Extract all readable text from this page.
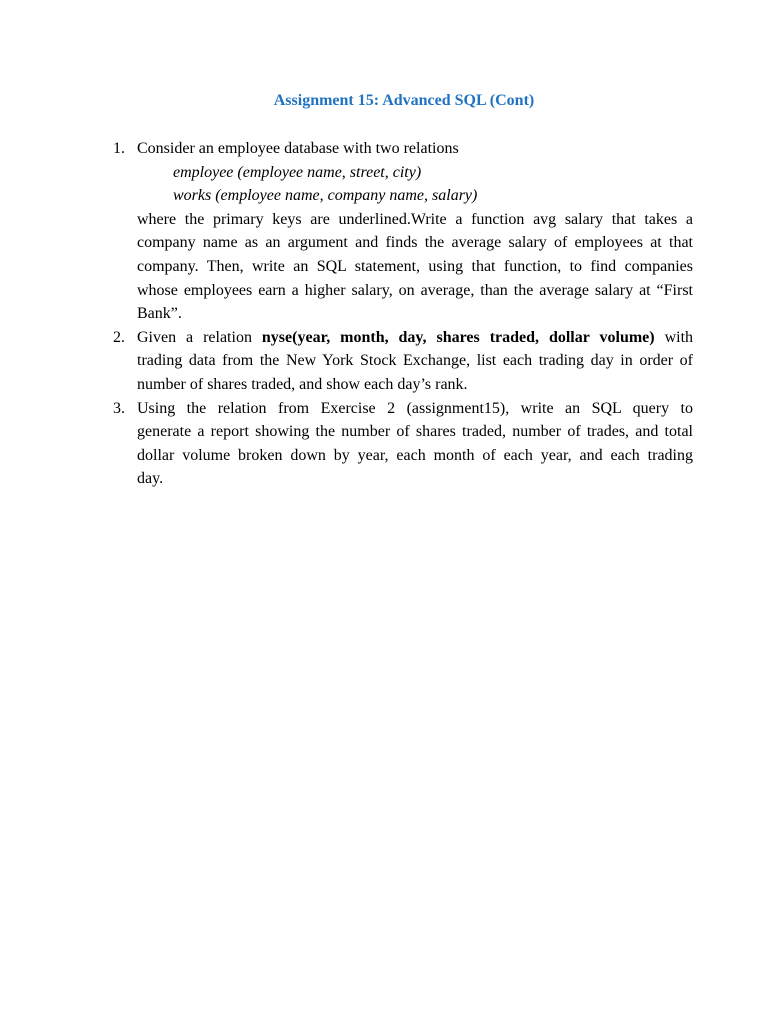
Assignment 15: Advanced SQL (Cont)
1. Consider an employee database with two relations
employee (employee name, street, city)
works (employee name, company name, salary)
where the primary keys are underlined.Write a function avg salary that takes a
company name as an argument and finds the average salary of employees at that
company. Then, write an SQL statement, using that function, to find companies
whose employees earn a higher salary, on average, than the average salary at “First
Bank”.
2. Given a relation nyse(year, month, day, shares traded, dollar volume) with
trading data from the New York Stock Exchange, list each trading day in order of
number of shares traded, and show each day’s rank.
3. Using the relation from Exercise 2 (assignment15), write an SQL query to
generate a report showing the number of shares traded, number of trades, and total
dollar volume broken down by year, each month of each year, and each trading
day.
